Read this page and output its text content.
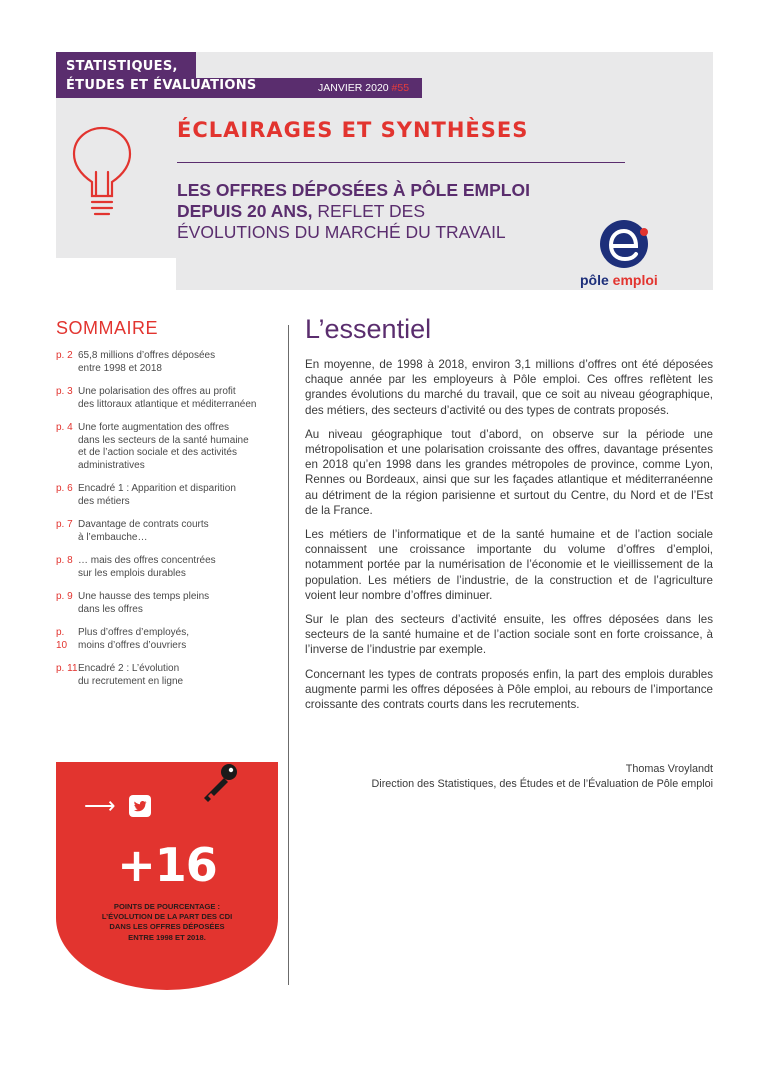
STATISTIQUES,
ÉTUDES ET ÉVALUATIONS	JANVIER 2020 #55
ÉCLAIRAGES ET SYNTHÈSES
LES OFFRES DÉPOSÉES À PÔLE EMPLOI
DEPUIS 20 ANS, REFLET DES
ÉVOLUTIONS DU MARCHÉ DU TRAVAIL
pôle emploi
SOMMAIRE
p. 2 65,8 millions d’offres déposées
entre 1998 et 2018
p. 3 Une polarisation des offres au profit
des littoraux atlantique et méditerranéen
p. 4 Une forte augmentation des offres
dans les secteurs de la santé humaine
et de l’action sociale et des activités
administratives
p. 6 Encadré 1 : Apparition et disparition
des métiers
p. 7 Davantage de contrats courts
à l’embauche…
p. 8 … mais des offres concentrées
sur les emplois durables
p. 9 Une hausse des temps pleins
dans les offres
p. 10
Plus d’offres d’employés,
moins d’offres d’ouvriers
p. 11 Encadré 2 : L’évolution
du recrutement en ligne
L’essentiel

En moyenne, de 1998 à 2018, environ 3,1 millions d’offres ont été déposées chaque année par les employeurs à Pôle emploi. Ces offres reflètent les grandes évolutions du marché du travail, que ce soit au niveau géographique, des métiers, des secteurs d’activité ou des types de contrats proposés.

Au niveau géographique tout d’abord, on observe sur la période une métropolisation et une polarisation croissante des offres, davantage présentes en 2018 qu’en 1998 dans les grandes métropoles de province, comme Lyon, Rennes ou Bordeaux, ainsi que sur les façades atlantique et méditerranéenne au détriment de la région parisienne et surtout du Centre, du Nord et de l’Est de la France.

Les métiers de l’informatique et de la santé humaine et de l’action sociale connaissent une croissance importante du volume d’offres d’emploi, notamment portée par la numérisation de l’économie et le vieillissement de la population. Les métiers de l’industrie, de la construction et de l’agriculture voient leur nombre d’offres diminuer.

Sur le plan des secteurs d’activité ensuite, les offres déposées dans les secteurs de la santé humaine et de l’action sociale sont en forte croissance, à l’inverse de l’industrie par exemple.

Concernant les types de contrats proposés enfin, la part des emplois durables augmente parmi les offres déposées à Pôle emploi, au rebours de l’importance croissante des contrats courts dans les recrutements.

Thomas Vroylandt
Direction des Statistiques, des Études et de l’Évaluation de Pôle emploi
⟶
+16
POINTS DE POURCENTAGE : L’ÉVOLUTION DE LA PART DES CDI DANS LES OFFRES DÉPOSÉES ENTRE 1998 ET 2018.
